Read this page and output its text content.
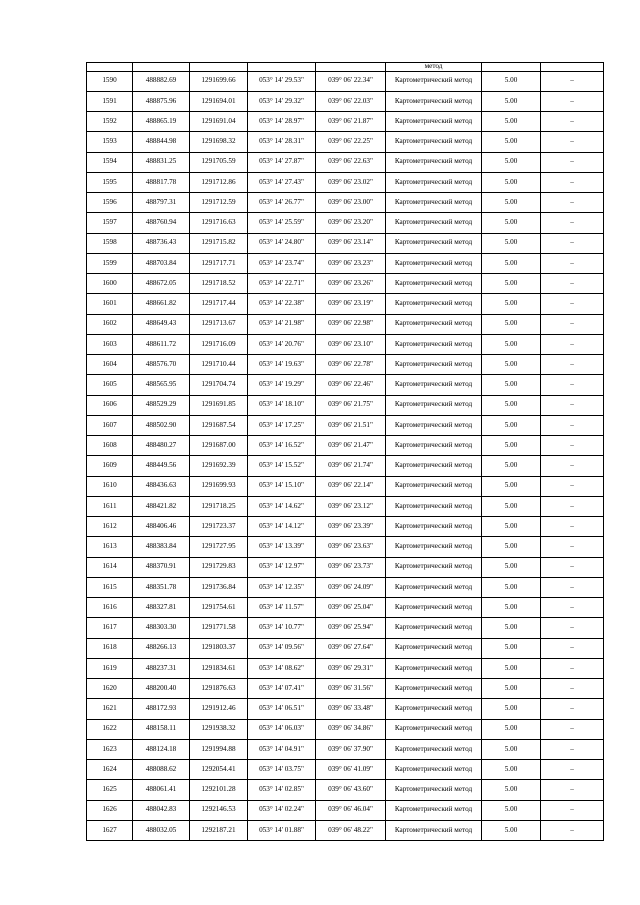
					метод		
1590	488882.69	1291699.66	053° 14' 29.53"	039° 06' 22.34"	Картометрический метод	5.00	–
1591	488875.96	1291694.01	053° 14' 29.32"	039° 06' 22.03"	Картометрический метод	5.00	–
1592	488865.19	1291691.04	053° 14' 28.97"	039° 06' 21.87"	Картометрический метод	5.00	–
1593	488844.98	1291698.32	053° 14' 28.31"	039° 06' 22.25"	Картометрический метод	5.00	–
1594	488831.25	1291705.59	053° 14' 27.87"	039° 06' 22.63"	Картометрический метод	5.00	–
1595	488817.78	1291712.86	053° 14' 27.43"	039° 06' 23.02"	Картометрический метод	5.00	–
1596	488797.31	1291712.59	053° 14' 26.77"	039° 06' 23.00"	Картометрический метод	5.00	–
1597	488760.94	1291716.63	053° 14' 25.59"	039° 06' 23.20"	Картометрический метод	5.00	–
1598	488736.43	1291715.82	053° 14' 24.80"	039° 06' 23.14"	Картометрический метод	5.00	–
1599	488703.84	1291717.71	053° 14' 23.74"	039° 06' 23.23"	Картометрический метод	5.00	–
1600	488672.05	1291718.52	053° 14' 22.71"	039° 06' 23.26"	Картометрический метод	5.00	–
1601	488661.82	1291717.44	053° 14' 22.38"	039° 06' 23.19"	Картометрический метод	5.00	–
1602	488649.43	1291713.67	053° 14' 21.98"	039° 06' 22.98"	Картометрический метод	5.00	–
1603	488611.72	1291716.09	053° 14' 20.76"	039° 06' 23.10"	Картометрический метод	5.00	–
1604	488576.70	1291710.44	053° 14' 19.63"	039° 06' 22.78"	Картометрический метод	5.00	–
1605	488565.95	1291704.74	053° 14' 19.29"	039° 06' 22.46"	Картометрический метод	5.00	–
1606	488529.29	1291691.85	053° 14' 18.10"	039° 06' 21.75"	Картометрический метод	5.00	–
1607	488502.90	1291687.54	053° 14' 17.25"	039° 06' 21.51"	Картометрический метод	5.00	–
1608	488480.27	1291687.00	053° 14' 16.52"	039° 06' 21.47"	Картометрический метод	5.00	–
1609	488449.56	1291692.39	053° 14' 15.52"	039° 06' 21.74"	Картометрический метод	5.00	–
1610	488436.63	1291699.93	053° 14' 15.10"	039° 06' 22.14"	Картометрический метод	5.00	–
1611	488421.82	1291718.25	053° 14' 14.62"	039° 06' 23.12"	Картометрический метод	5.00	–
1612	488406.46	1291723.37	053° 14' 14.12"	039° 06' 23.39"	Картометрический метод	5.00	–
1613	488383.84	1291727.95	053° 14' 13.39"	039° 06' 23.63"	Картометрический метод	5.00	–
1614	488370.91	1291729.83	053° 14' 12.97"	039° 06' 23.73"	Картометрический метод	5.00	–
1615	488351.78	1291736.84	053° 14' 12.35"	039° 06' 24.09"	Картометрический метод	5.00	–
1616	488327.81	1291754.61	053° 14' 11.57"	039° 06' 25.04"	Картометрический метод	5.00	–
1617	488303.30	1291771.58	053° 14' 10.77"	039° 06' 25.94"	Картометрический метод	5.00	–
1618	488266.13	1291803.37	053° 14' 09.56"	039° 06' 27.64"	Картометрический метод	5.00	–
1619	488237.31	1291834.61	053° 14' 08.62"	039° 06' 29.31"	Картометрический метод	5.00	–
1620	488200.40	1291876.63	053° 14' 07.41"	039° 06' 31.56"	Картометрический метод	5.00	–
1621	488172.93	1291912.46	053° 14' 06.51"	039° 06' 33.48"	Картометрический метод	5.00	–
1622	488158.11	1291938.32	053° 14' 06.03"	039° 06' 34.86"	Картометрический метод	5.00	–
1623	488124.18	1291994.88	053° 14' 04.91"	039° 06' 37.90"	Картометрический метод	5.00	–
1624	488088.62	1292054.41	053° 14' 03.75"	039° 06' 41.09"	Картометрический метод	5.00	–
1625	488061.41	1292101.28	053° 14' 02.85"	039° 06' 43.60"	Картометрический метод	5.00	–
1626	488042.83	1292146.53	053° 14' 02.24"	039° 06' 46.04"	Картометрический метод	5.00	–
1627	488032.05	1292187.21	053° 14' 01.88"	039° 06' 48.22"	Картометрический метод	5.00	–
